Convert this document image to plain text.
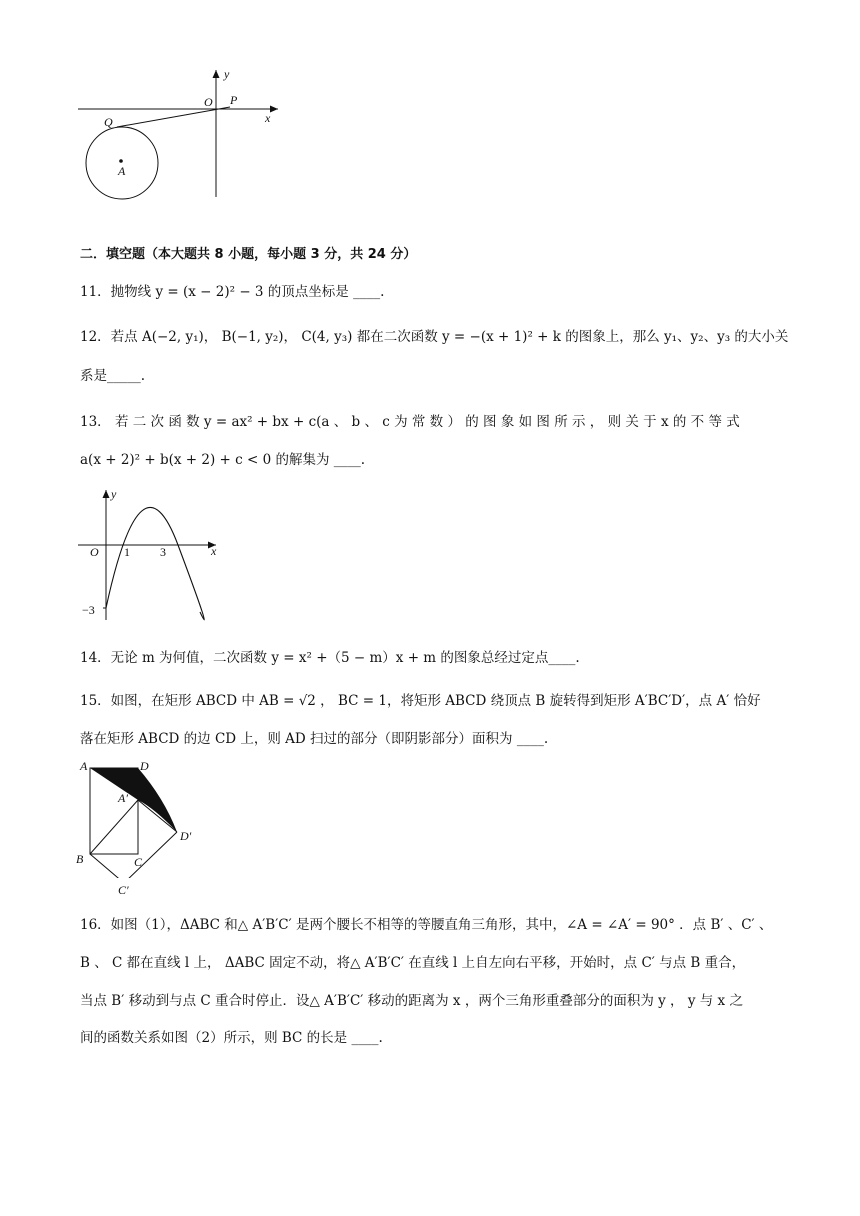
y
O P
x
Q
A
二．填空题（本大题共 8 小题，每小题 3 分，共 24 分）
11．抛物线 y = (x − 2)² − 3 的顶点坐标是 ____.
12．若点 A(−2, y₁)， B(−1, y₂)， C(4, y₃) 都在二次函数 y = −(x + 1)² + k 的图象上，那么 y₁、y₂、y₃ 的大小关
系是_____.
13． 若 二 次 函 数 y = ax² + bx + c(a 、 b 、 c 为 常 数 ） 的 图 象 如 图 所 示 ， 则 关 于 x 的 不 等 式
a(x + 2)² + b(x + 2) + c < 0 的解集为 ____.
y
O 1	3	x
−3
14．无论 m 为何值，二次函数 y = x² +（5 − m）x + m 的图象总经过定点____.
15．如图，在矩形 ABCD 中 AB = √2 ， BC = 1，将矩形 ABCD 绕顶点 B 旋转得到矩形 A′BC′D′，点 A′ 恰好
落在矩形 ABCD 的边 CD 上，则 AD 扫过的部分（即阴影部分）面积为 ____.
A	D
A′
D′
B	C
C′
16．如图（1），ΔABC 和△ A′B′C′ 是两个腰长不相等的等腰直角三角形，其中，∠A = ∠A′ = 90° ．点 B′ 、C′ 、
B 、 C 都在直线 l 上， ΔABC 固定不动，将△ A′B′C′ 在直线 l 上自左向右平移，开始时，点 C′ 与点 B 重合，
当点 B′ 移动到与点 C 重合时停止．设△ A′B′C′ 移动的距离为 x ，两个三角形重叠部分的面积为 y ， y 与 x 之
间的函数关系如图（2）所示，则 BC 的长是 ____.
